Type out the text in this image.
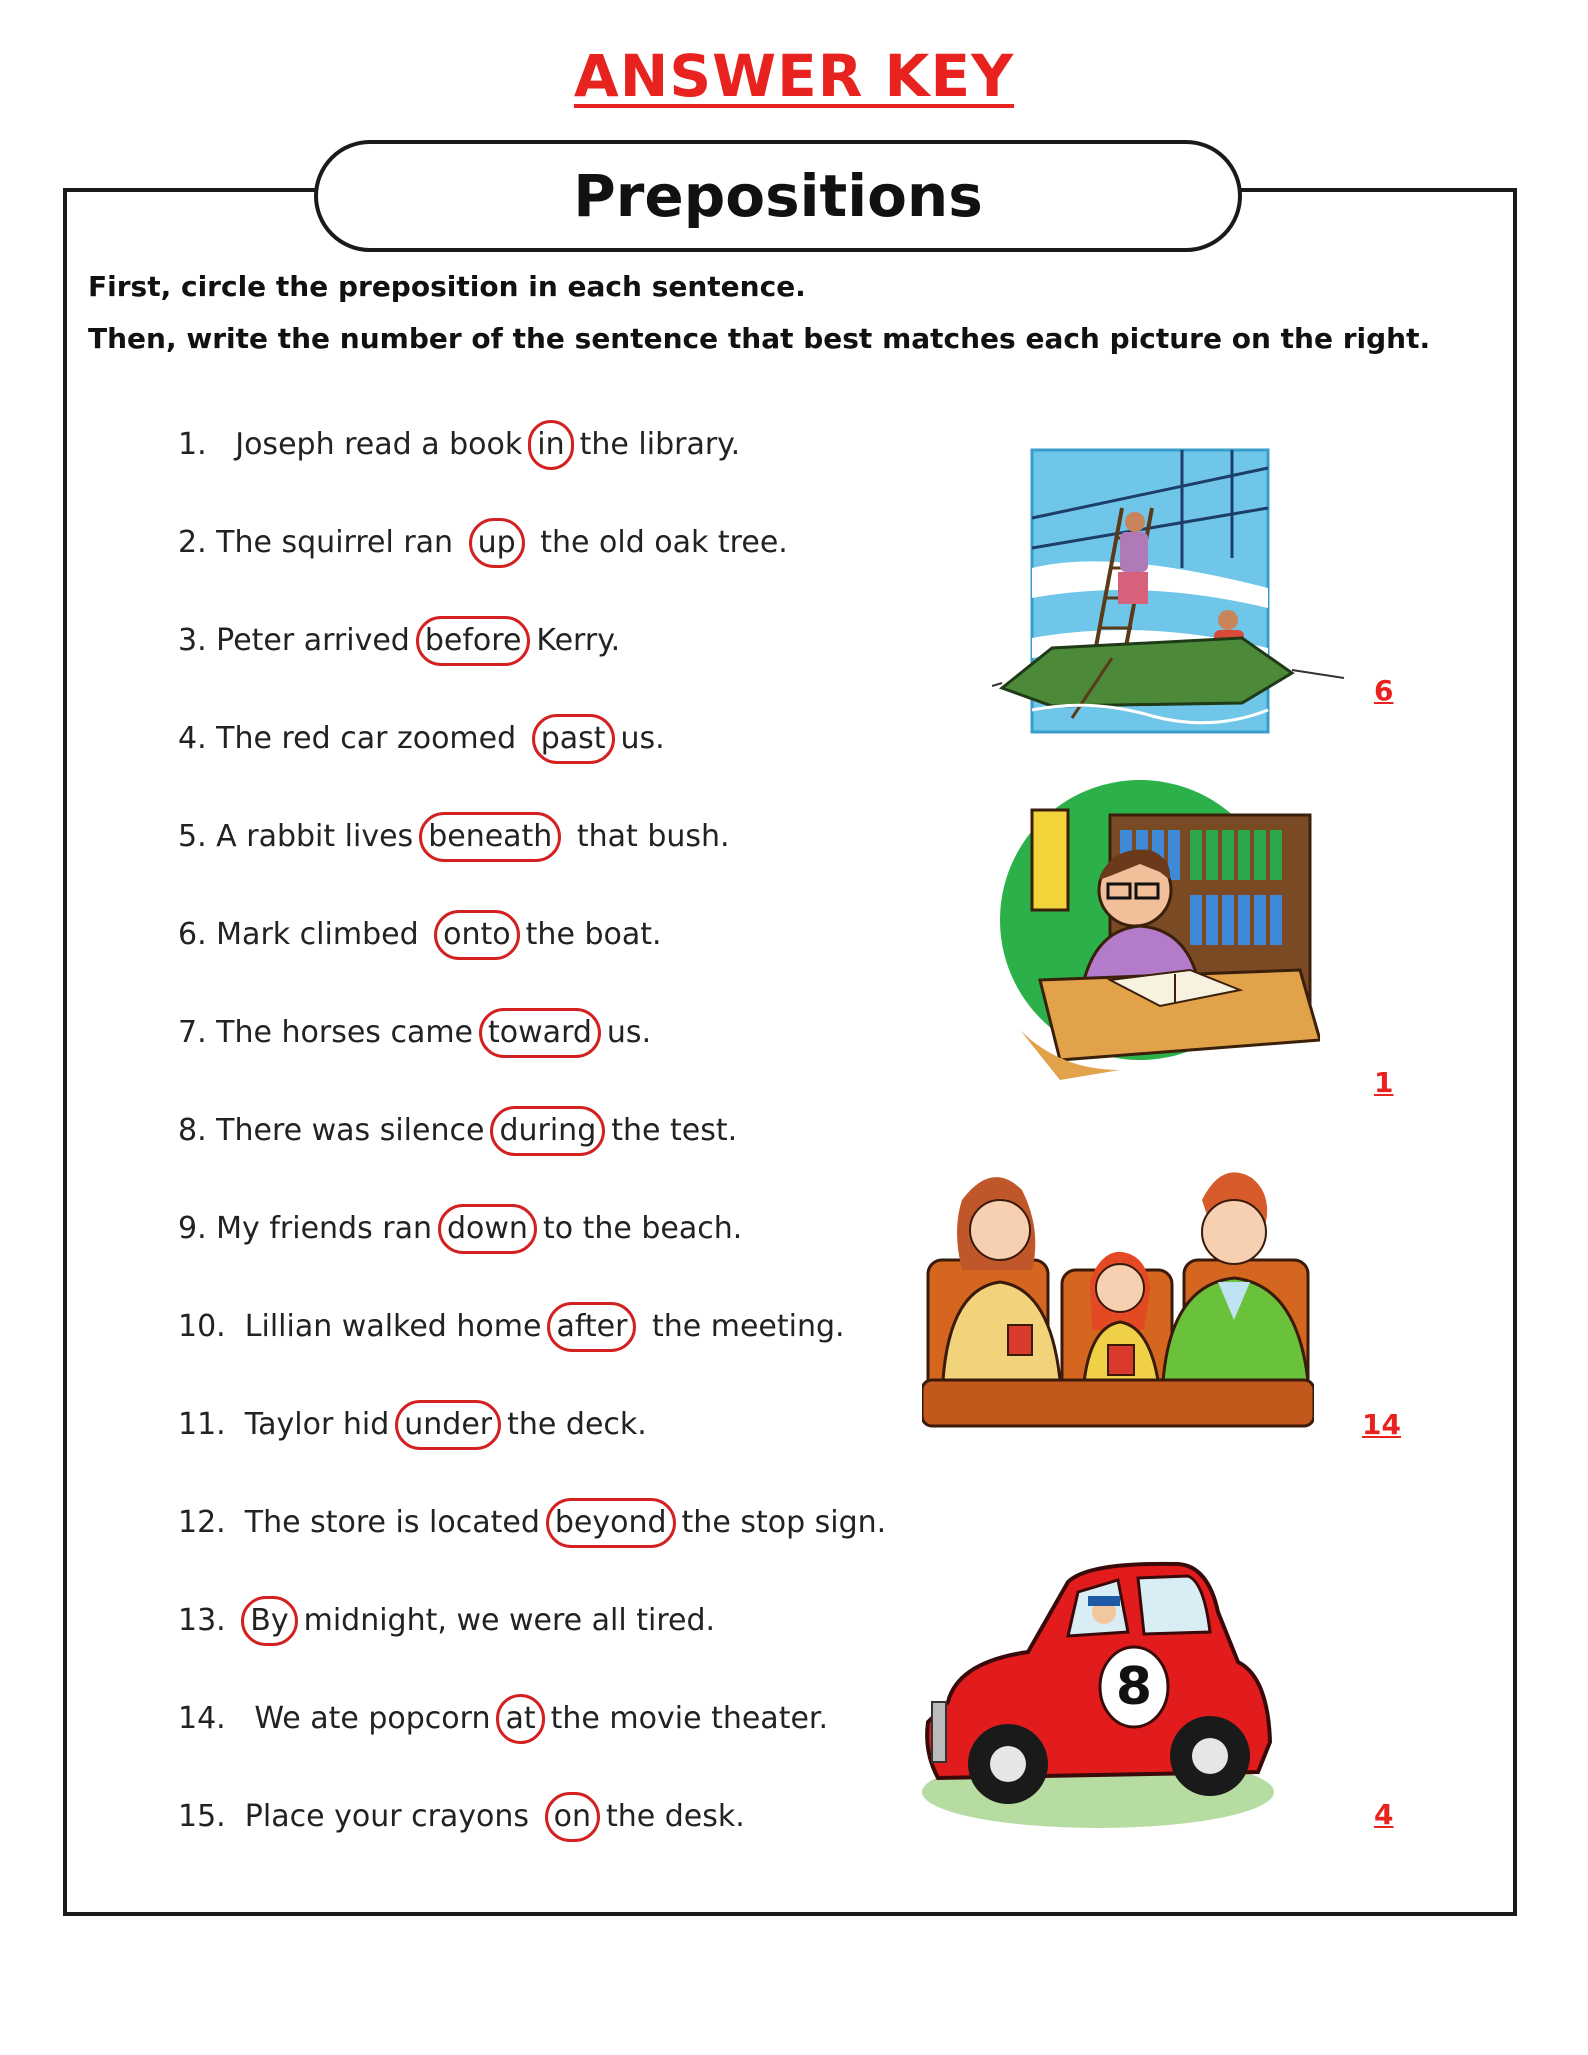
ANSWER KEY
Prepositions
First, circle the preposition in each sentence.
Then, write the number of the sentence that best matches each picture on the right.
1. Joseph read a book in the library.
2. The squirrel ran up the old oak tree.
3. Peter arrived before Kerry.
4. The red car zoomed past us.
5. A rabbit lives beneath that bush.
6. Mark climbed onto the boat.
7. The horses came toward us.
8. There was silence during the test.
9. My friends ran down to the beach.
10. Lillian walked home after the meeting.
11. Taylor hid under the deck.
12. The store is located beyond the stop sign.
13. By midnight, we were all tired.
14. We ate popcorn at the movie theater.
15. Place your crayons on the desk.
6
1
14
8
4
